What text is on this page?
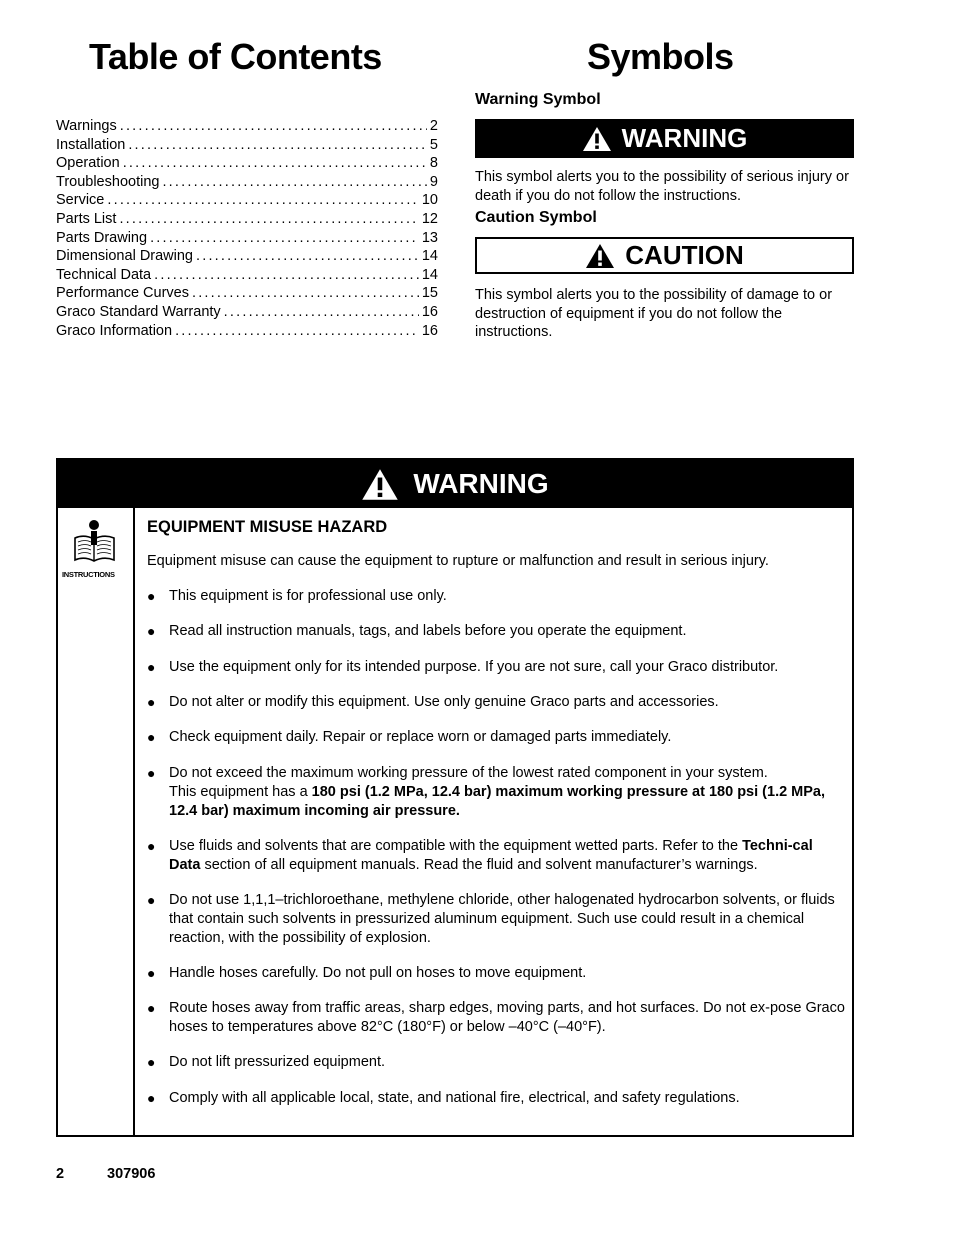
Table of Contents	Symbols
Warnings .....	2
Installation .....	5
Operation .....	8
Troubleshooting .....	9
Service .....	10
Parts List .....	12
Parts Drawing .....	13
Dimensional Drawing .....	14
Technical Data .....	14
Performance Curves .....	15
Graco Standard Warranty .....	16
Graco Information .....	16
Warning Symbol
WARNING
This symbol alerts you to the possibility of serious injury or death if you do not follow the instructions.
Caution Symbol
CAUTION
This symbol alerts you to the possibility of damage to or destruction of equipment if you do not follow the instructions.
WARNING
INSTRUCTIONS
EQUIPMENT MISUSE HAZARD
Equipment misuse can cause the equipment to rupture or malfunction and result in serious injury.
● This equipment is for professional use only.
● Read all instruction manuals, tags, and labels before you operate the equipment.
● Use the equipment only for its intended purpose. If you are not sure, call your Graco distributor.
● Do not alter or modify this equipment. Use only genuine Graco parts and accessories.
● Check equipment daily. Repair or replace worn or damaged parts immediately.
● Do not exceed the maximum working pressure of the lowest rated component in your system.
This equipment has a 180 psi (1.2 MPa, 12.4 bar) maximum working pressure at 180 psi (1.2 MPa, 12.4 bar) maximum incoming air pressure.
● Use fluids and solvents that are compatible with the equipment wetted parts. Refer to the Techni-cal Data section of all equipment manuals. Read the fluid and solvent manufacturer’s warnings.
● Do not use 1,1,1–trichloroethane, methylene chloride, other halogenated hydrocarbon solvents, or fluids that contain such solvents in pressurized aluminum equipment. Such use could result in a chemical reaction, with the possibility of explosion.
● Handle hoses carefully. Do not pull on hoses to move equipment.
● Route hoses away from traffic areas, sharp edges, moving parts, and hot surfaces. Do not ex-pose Graco hoses to temperatures above 82°C (180°F) or below –40°C (–40°F).
● Do not lift pressurized equipment.
● Comply with all applicable local, state, and national fire, electrical, and safety regulations.
2	307906
